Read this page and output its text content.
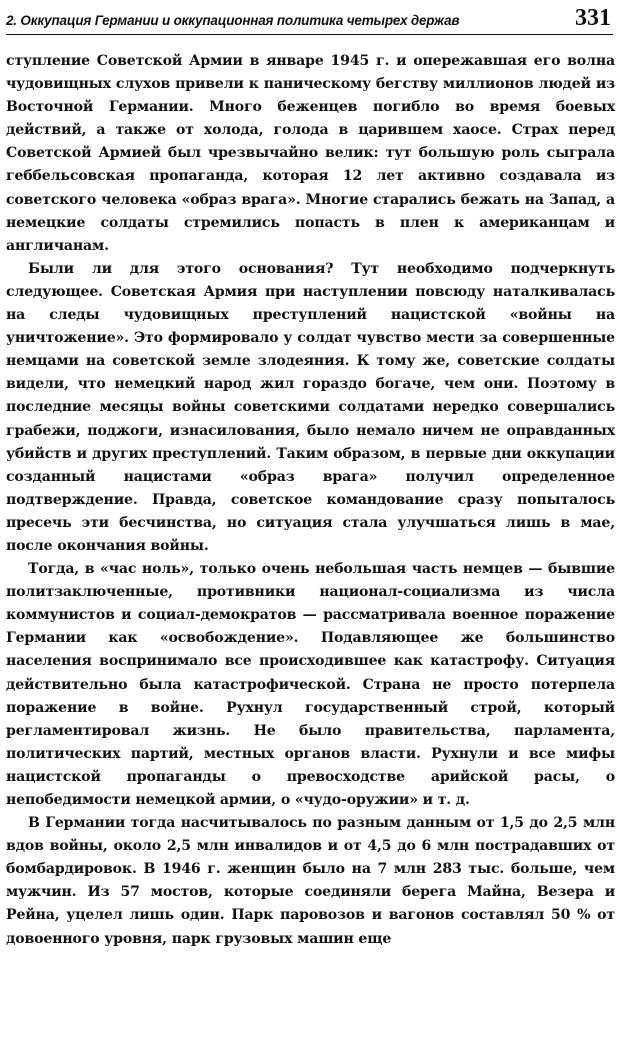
2. Оккупация Германии и оккупационная политика четырех держав	331

ступление Советской Армии в январе 1945 г. и опережавшая его волна чудовищных слухов привели к паническому бегству миллионов людей из Восточной Германии. Много беженцев погибло во время боевых действий, а также от холода, голода в царившем хаосе. Страх перед Советской Армией был чрезвычайно велик: тут большую роль сыграла геббельсовская пропаганда, которая 12 лет активно создавала из советского человека «образ врага». Многие старались бежать на Запад, а немецкие солдаты стремились попасть в плен к американцам и англичанам.

Были ли для этого основания? Тут необходимо подчеркнуть следующее. Советская Армия при наступлении повсюду наталкивалась на следы чудовищных преступлений нацистской «войны на уничтожение». Это формировало у солдат чувство мести за совершенные немцами на советской земле злодеяния. К тому же, советские солдаты видели, что немецкий народ жил гораздо богаче, чем они. Поэтому в последние месяцы войны советскими солдатами нередко совершались грабежи, поджоги, изнасилования, было немало ничем не оправданных убийств и других преступлений. Таким образом, в первые дни оккупации созданный нацистами «образ врага» получил определенное подтверждение. Правда, советское командование сразу попыталось пресечь эти бесчинства, но ситуация стала улучшаться лишь в мае, после окончания войны.

Тогда, в «час ноль», только очень небольшая часть немцев — бывшие политзаключенные, противники национал-социализма из числа коммунистов и социал-демократов — рассматривала военное поражение Германии как «освобождение». Подавляющее же большинство населения воспринимало все происходившее как катастрофу. Ситуация действительно была катастрофической. Страна не просто потерпела поражение в войне. Рухнул государственный строй, который регламентировал жизнь. Не было правительства, парламента, политических партий, местных органов власти. Рухнули и все мифы нацистской пропаганды о превосходстве арийской расы, о непобедимости немецкой армии, о «чудо-оружии» и т. д.

В Германии тогда насчитывалось по разным данным от 1,5 до 2,5 млн вдов войны, около 2,5 млн инвалидов и от 4,5 до 6 млн пострадавших от бомбардировок. В 1946 г. женщин было на 7 млн 283 тыс. больше, чем мужчин. Из 57 мостов, которые соединяли берега Майна, Везера и Рейна, уцелел лишь один. Парк паровозов и вагонов составлял 50 % от довоенного уровня, парк грузовых машин еще
